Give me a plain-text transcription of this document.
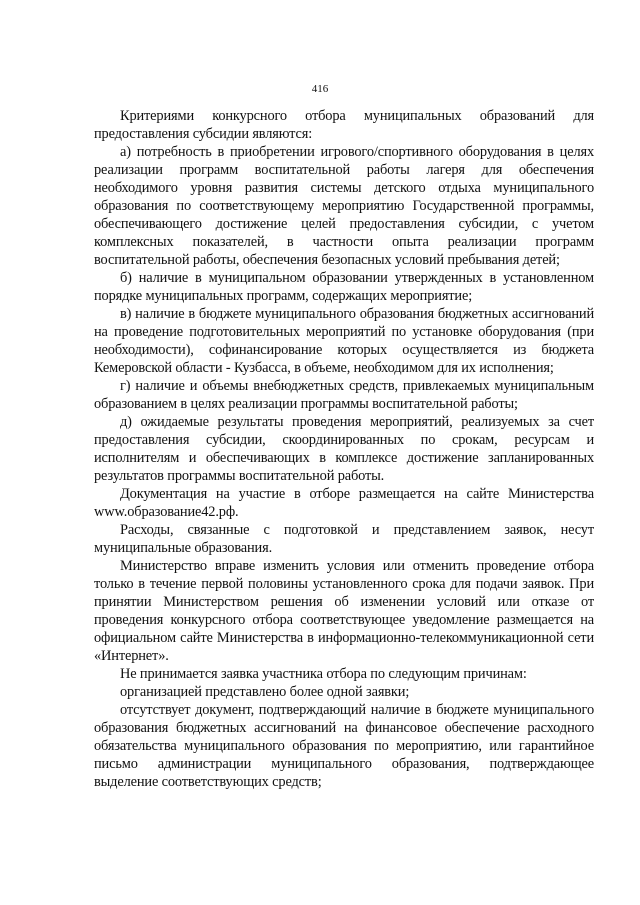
416

Критериями конкурсного отбора муниципальных образований для предоставления субсидии являются:

а) потребность в приобретении игрового/спортивного оборудования в целях реализации программ воспитательной работы лагеря для обеспечения необходимого уровня развития системы детского отдыха муниципального образования по соответствующему мероприятию Государственной программы, обеспечивающего достижение целей предоставления субсидии, с учетом комплексных показателей, в частности опыта реализации программ воспитательной работы, обеспечения безопасных условий пребывания детей;

б) наличие в муниципальном образовании утвержденных в установленном порядке муниципальных программ, содержащих мероприятие;

в) наличие в бюджете муниципального образования бюджетных ассигнований на проведение подготовительных мероприятий по установке оборудования (при необходимости), софинансирование которых осуществляется из бюджета Кемеровской области - Кузбасса, в объеме, необходимом для их исполнения;

г) наличие и объемы внебюджетных средств, привлекаемых муниципальным образованием в целях реализации программы воспитательной работы;

д) ожидаемые результаты проведения мероприятий, реализуемых за счет предоставления субсидии, скоординированных по срокам, ресурсам и исполнителям и обеспечивающих в комплексе достижение запланированных результатов программы воспитательной работы.

Документация на участие в отборе размещается на сайте Министерства www.образование42.рф.

Расходы, связанные с подготовкой и представлением заявок, несут муниципальные образования.

Министерство вправе изменить условия или отменить проведение отбора только в течение первой половины установленного срока для подачи заявок. При принятии Министерством решения об изменении условий или отказе от проведения конкурсного отбора соответствующее уведомление размещается на официальном сайте Министерства в информационно-телекоммуникационной сети «Интернет».

Не принимается заявка участника отбора по следующим причинам:

организацией представлено более одной заявки;

отсутствует документ, подтверждающий наличие в бюджете муниципального образования бюджетных ассигнований на финансовое обеспечение расходного обязательства муниципального образования по мероприятию, или гарантийное письмо администрации муниципального образования, подтверждающее выделение соответствующих средств;
